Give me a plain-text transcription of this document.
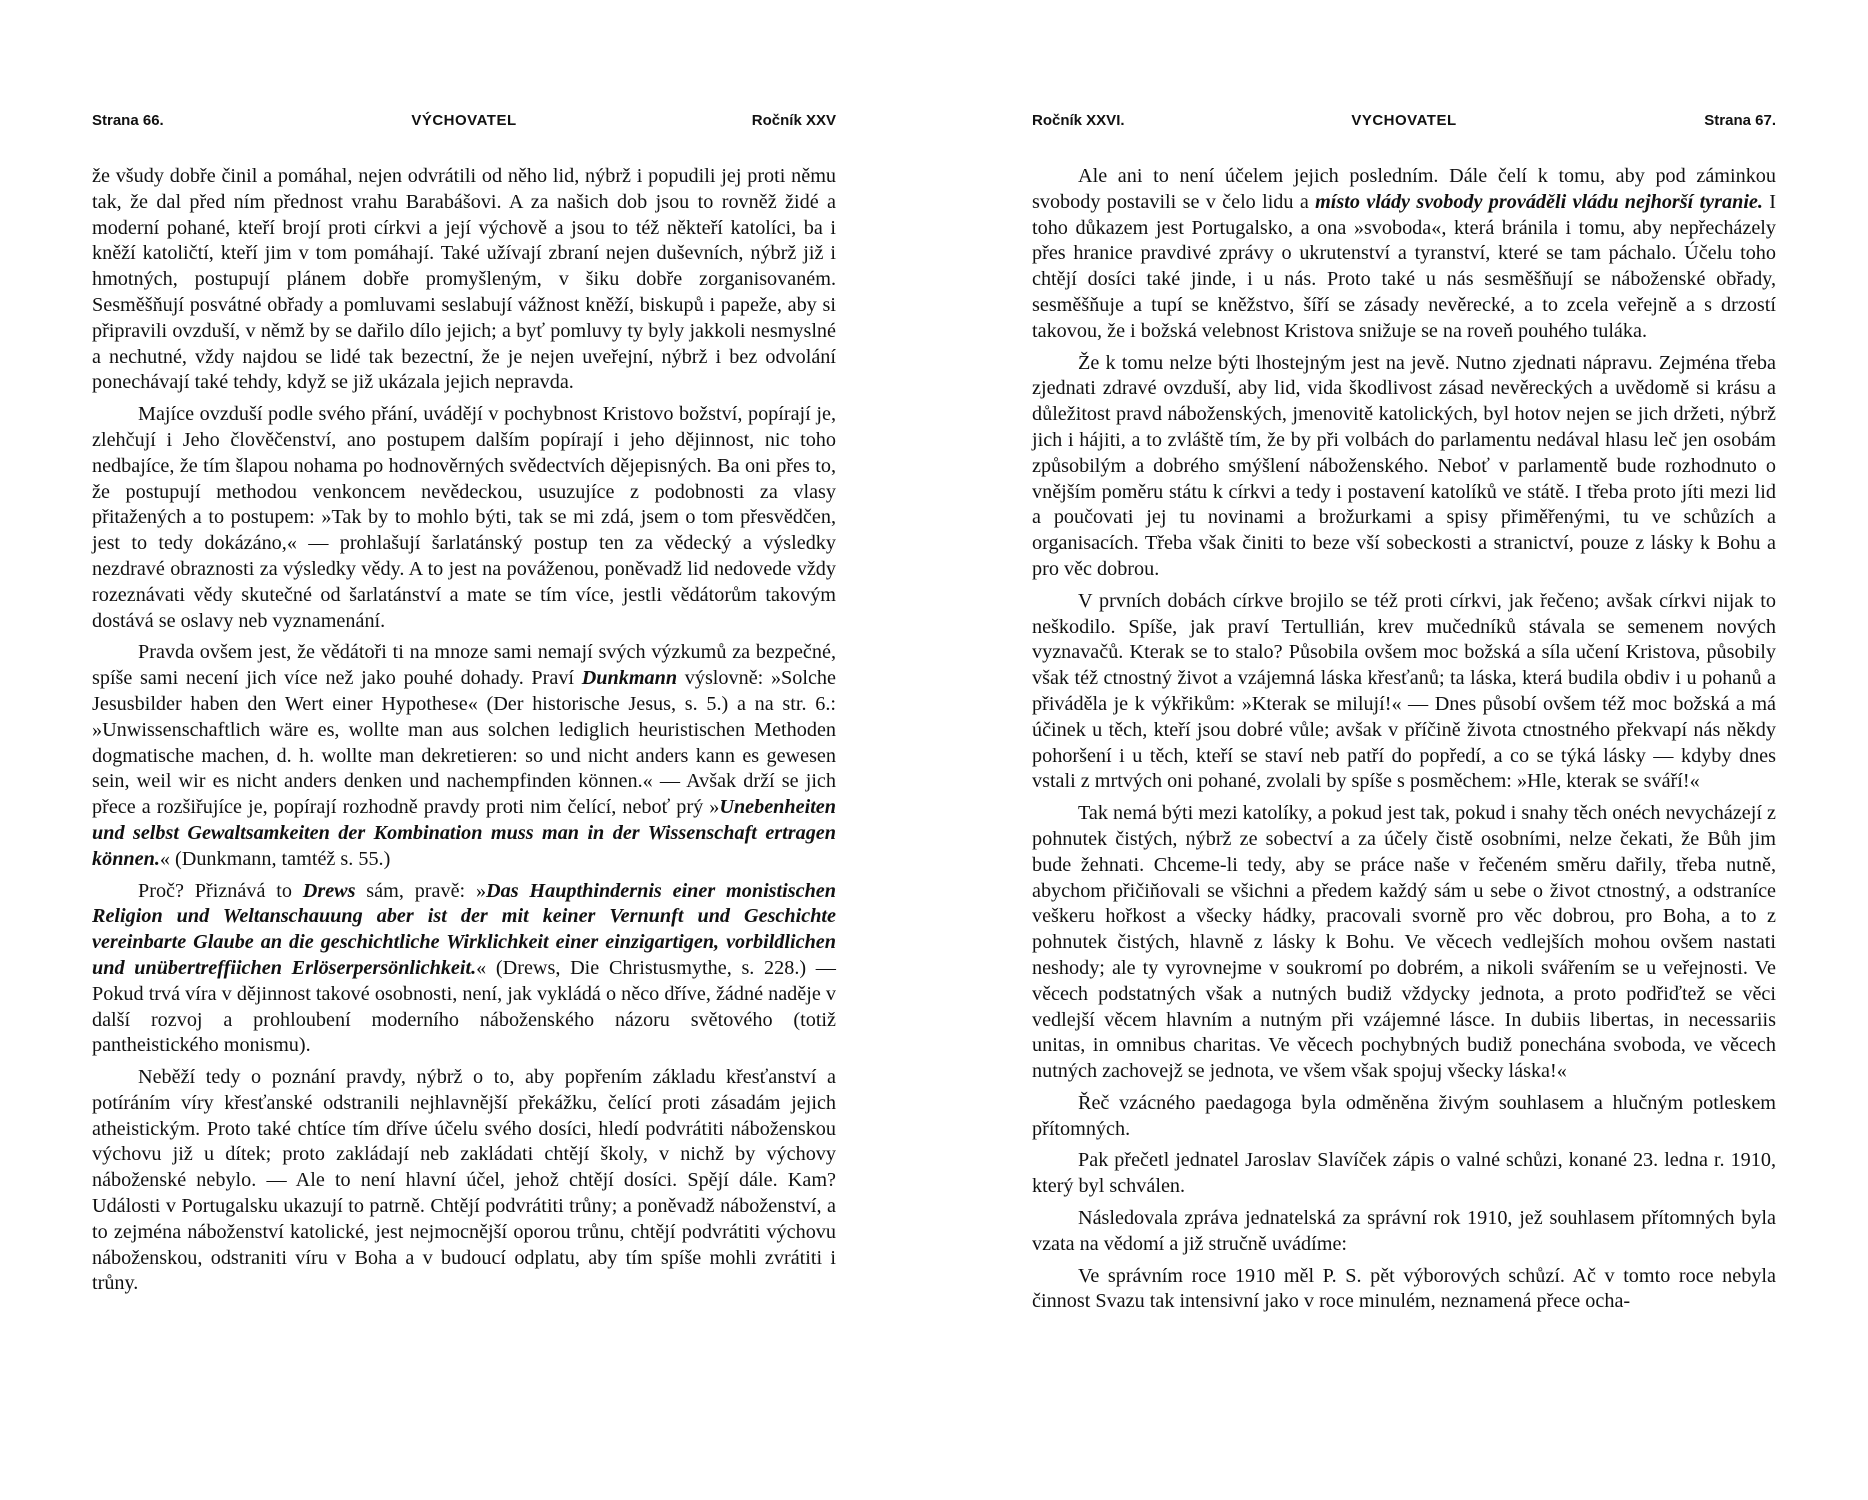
Strana 66.	VÝCHOVATEL	Ročník XXV

že všudy dobře činil a pomáhal, nejen odvrátili od něho lid, nýbrž i popudili jej proti němu tak, že dal před ním přednost vrahu Barabášovi. A za našich dob jsou to rovněž židé a moderní pohané, kteří brojí proti církvi a její výchově a jsou to též někteří katolíci, ba i kněží katoličtí, kteří jim v tom pomáhají. Také užívají zbraní nejen duševních, nýbrž již i hmotných, postupují plánem dobře promyšleným, v šiku dobře zorganisovaném. Sesměšňují posvátné obřady a pomluvami seslabují vážnost kněží, biskupů i papeže, aby si připravili ovzduší, v němž by se dařilo dílo jejich; a byť pomluvy ty byly jakkoli nesmyslné a nechutné, vždy najdou se lidé tak bezectní, že je nejen uveřejní, nýbrž i bez odvolání ponechávají také tehdy, když se již ukázala jejich nepravda.

Majíce ovzduší podle svého přání, uvádějí v pochybnost Kristovo božství, popírají je, zlehčují i Jeho člověčenství, ano postupem dalším popírají i jeho dějinnost, nic toho nedbajíce, že tím šlapou nohama po hodnověrných svědectvích dějepisných. Ba oni přes to, že postupují methodou venkoncem nevědeckou, usuzujíce z podobnosti za vlasy přitažených a to postupem: »Tak by to mohlo býti, tak se mi zdá, jsem o tom přesvědčen, jest to tedy dokázáno,« — prohlašují šarlatánský postup ten za vědecký a výsledky nezdravé obraznosti za výsledky vědy. A to jest na pováženou, poněvadž lid nedovede vždy rozeznávati vědy skutečné od šarlatánství a mate se tím více, jestli vědátorům takovým dostává se oslavy neb vyznamenání.

Pravda ovšem jest, že vědátoři ti na mnoze sami nemají svých výzkumů za bezpečné, spíše sami necení jich více než jako pouhé dohady. Praví Dunkmann výslovně: »Solche Jesusbilder haben den Wert einer Hypothese« (Der historische Jesus, s. 5.) a na str. 6.: »Unwissenschaftlich wäre es, wollte man aus solchen lediglich heuristischen Methoden dogmatische machen, d. h. wollte man dekretieren: so und nicht anders kann es gewesen sein, weil wir es nicht anders denken und nachempfinden können.« — Avšak drží se jich přece a rozšiřujíce je, popírají rozhodně pravdy proti nim čelící, neboť prý »Unebenheiten und selbst Gewaltsamkeiten der Kombination muss man in der Wissenschaft ertragen können.« (Dunkmann, tamtéž s. 55.)

Proč? Přiznává to Drews sám, pravě: »Das Haupthindernis einer monistischen Religion und Weltanschauung aber ist der mit keiner Vernunft und Geschichte vereinbarte Glaube an die geschichtliche Wirklichkeit einer einzigartigen, vorbildlichen und unübertreffiichen Erlöserpersönlichkeit.« (Drews, Die Christusmythe, s. 228.) — Pokud trvá víra v dějinnost takové osobnosti, není, jak vykládá o něco dříve, žádné naděje v další rozvoj a prohloubení moderního náboženského názoru světového (totiž pantheistického monismu).

Neběží tedy o poznání pravdy, nýbrž o to, aby popřením základu křesťanství a potíráním víry křesťanské odstranili nejhlavnější překážku, čelící proti zásadám jejich atheistickým. Proto také chtíce tím dříve účelu svého dosíci, hledí podvrátiti náboženskou výchovu již u dítek; proto zakládají neb zakládati chtějí školy, v nichž by výchovy náboženské nebylo. — Ale to není hlavní účel, jehož chtějí dosíci. Spějí dále. Kam? Události v Portugalsku ukazují to patrně. Chtějí podvrátiti trůny; a poněvadž náboženství, a to zejména náboženství katolické, jest nejmocnější oporou trůnu, chtějí podvrátiti výchovu náboženskou, odstraniti víru v Boha a v budoucí odplatu, aby tím spíše mohli zvrátiti i trůny.

Ročník XXVI.	VYCHOVATEL	Strana 67.

Ale ani to není účelem jejich posledním. Dále čelí k tomu, aby pod záminkou svobody postavili se v čelo lidu a místo vlády svobody prováděli vládu nejhorší tyranie. I toho důkazem jest Portugalsko, a ona »svoboda«, která bránila i tomu, aby nepřecházely přes hranice pravdivé zprávy o ukrutenství a tyranství, které se tam páchalo. Účelu toho chtějí dosíci také jinde, i u nás. Proto také u nás sesměšňují se náboženské obřady, sesměšňuje a tupí se kněžstvo, šíří se zásady nevěrecké, a to zcela veřejně a s drzostí takovou, že i božská velebnost Kristova snižuje se na roveň pouhého tuláka.

Že k tomu nelze býti lhostejným jest na jevě. Nutno zjednati nápravu. Zejména třeba zjednati zdravé ovzduší, aby lid, vida škodlivost zásad nevěreckých a uvědomě si krásu a důležitost pravd náboženských, jmenovitě katolických, byl hotov nejen se jich držeti, nýbrž jich i hájiti, a to zvláště tím, že by při volbách do parlamentu nedával hlasu leč jen osobám způsobilým a dobrého smýšlení náboženského. Neboť v parlamentě bude rozhodnuto o vnějším poměru státu k církvi a tedy i postavení katolíků ve státě. I třeba proto jíti mezi lid a poučovati jej tu novinami a brožurkami a spisy přiměřenými, tu ve schůzích a organisacích. Třeba však činiti to beze vší sobeckosti a stranictví, pouze z lásky k Bohu a pro věc dobrou.

V prvních dobách církve brojilo se též proti církvi, jak řečeno; avšak církvi nijak to neškodilo. Spíše, jak praví Tertullián, krev mučedníků stávala se semenem nových vyznavačů. Kterak se to stalo? Působila ovšem moc božská a síla učení Kristova, působily však též ctnostný život a vzájemná láska křesťanů; ta láska, která budila obdiv i u pohanů a přiváděla je k výkřikům: »Kterak se milují!« — Dnes působí ovšem též moc božská a má účinek u těch, kteří jsou dobré vůle; avšak v příčině života ctnostného překvapí nás někdy pohoršení i u těch, kteří se staví neb patří do popředí, a co se týká lásky — kdyby dnes vstali z mrtvých oni pohané, zvolali by spíše s posměchem: »Hle, kterak se sváří!«

Tak nemá býti mezi katolíky, a pokud jest tak, pokud i snahy těch onéch nevycházejí z pohnutek čistých, nýbrž ze sobectví a za účely čistě osobními, nelze čekati, že Bůh jim bude žehnati. Chceme-li tedy, aby se práce naše v řečeném směru dařily, třeba nutně, abychom přičiňovali se všichni a předem každý sám u sebe o život ctnostný, a odstraníce veškeru hořkost a všecky hádky, pracovali svorně pro věc dobrou, pro Boha, a to z pohnutek čistých, hlavně z lásky k Bohu. Ve věcech vedlejších mohou ovšem nastati neshody; ale ty vyrovnejme v soukromí po dobrém, a nikoli svářením se u veřejnosti. Ve věcech podstatných však a nutných budiž vždycky jednota, a proto podřiďtež se věci vedlejší věcem hlavním a nutným při vzájemné lásce. In dubiis libertas, in necessariis unitas, in omnibus charitas. Ve věcech pochybných budiž ponechána svoboda, ve věcech nutných zachovejž se jednota, ve všem však spojuj všecky láska!«

Řeč vzácného paedagoga byla odměněna živým souhlasem a hlučným potleskem přítomných.

Pak přečetl jednatel Jaroslav Slavíček zápis o valné schůzi, konané 23. ledna r. 1910, který byl schválen.

Následovala zpráva jednatelská za správní rok 1910, jež souhlasem přítomných byla vzata na vědomí a již stručně uvádíme:

Ve správním roce 1910 měl P. S. pět výborových schůzí. Ač v tomto roce nebyla činnost Svazu tak intensivní jako v roce minulém, neznamená přece ocha-
